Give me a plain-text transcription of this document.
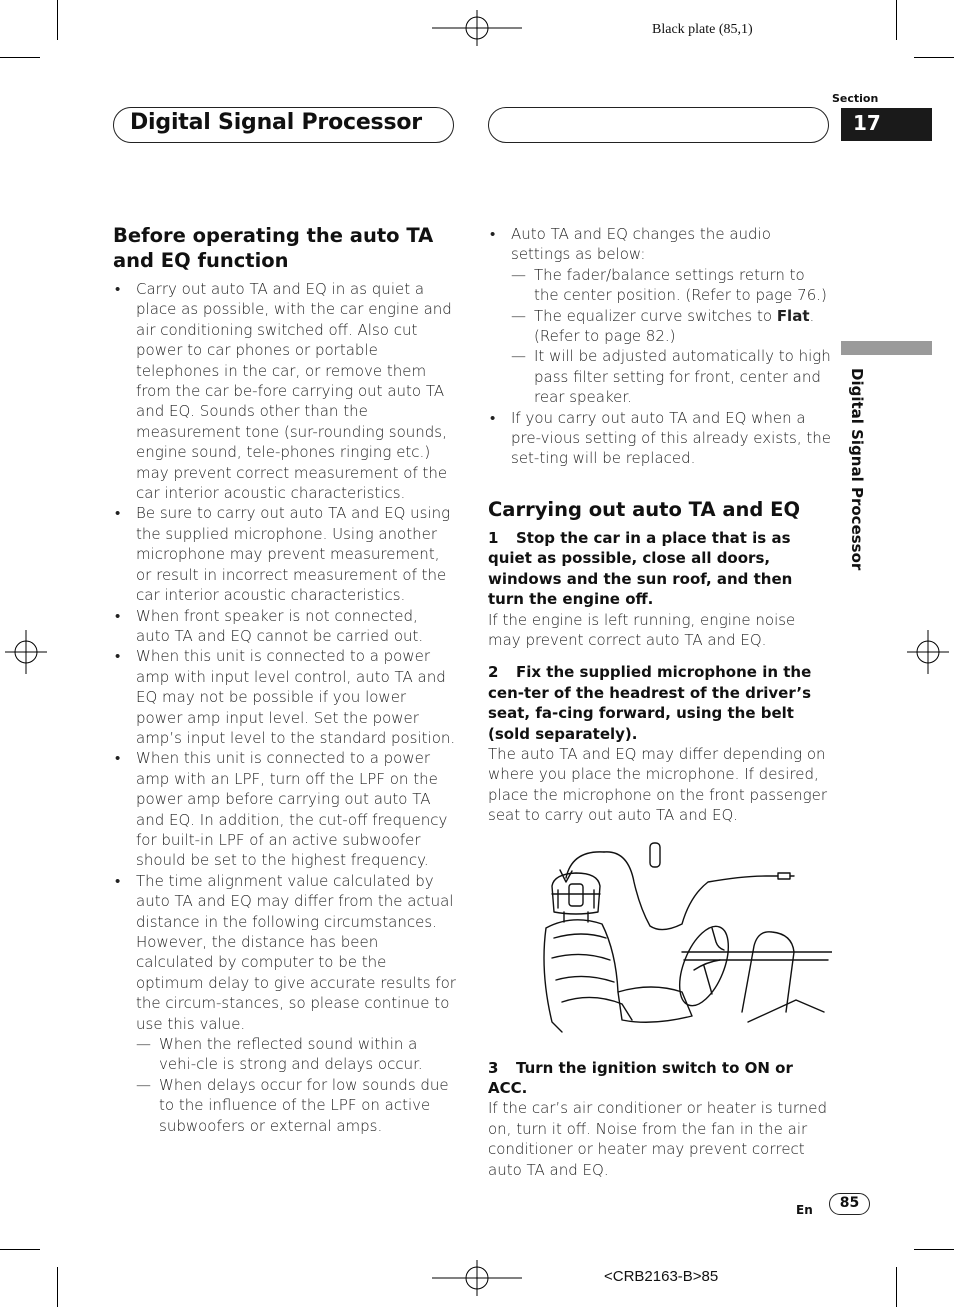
Black plate (85,1)
Digital Signal Processor
Section
17
Digital Signal Processor
Before operating the auto TA and EQ function
• Carry out auto TA and EQ in as quiet a place as possible, with the car engine and air conditioning switched off. Also cut power to car phones or portable telephones in the car, or remove them from the car be-fore carrying out auto TA and EQ. Sounds other than the measurement tone (sur-rounding sounds, engine sound, tele-phones ringing etc.) may prevent correct measurement of the car interior acoustic characteristics.
• Be sure to carry out auto TA and EQ using the supplied microphone. Using another microphone may prevent measurement, or result in incorrect measurement of the car interior acoustic characteristics.
• When front speaker is not connected, auto TA and EQ cannot be carried out.
• When this unit is connected to a power amp with input level control, auto TA and EQ may not be possible if you lower power amp input level. Set the power amp’s input level to the standard position.
• When this unit is connected to a power amp with an LPF, turn off the LPF on the power amp before carrying out auto TA and EQ. In addition, the cut-off frequency for built-in LPF of an active subwoofer should be set to the highest frequency.
• The time alignment value calculated by auto TA and EQ may differ from the actual distance in the following circumstances. However, the distance has been calculated by computer to be the optimum delay to give accurate results for the circum-stances, so please continue to use this value.
— When the reflected sound within a vehi-cle is strong and delays occur.
— When delays occur for low sounds due to the influence of the LPF on active subwoofers or external amps.
• Auto TA and EQ changes the audio settings as below:
— The fader/balance settings return to the center position. (Refer to page 76.)
— The equalizer curve switches to Flat. (Refer to page 82.)
— It will be adjusted automatically to high pass filter setting for front, center and rear speaker.
• If you carry out auto TA and EQ when a pre-vious setting of this already exists, the set-ting will be replaced.
Carrying out auto TA and EQ
1 Stop the car in a place that is as quiet as possible, close all doors, windows and the sun roof, and then turn the engine off.
If the engine is left running, engine noise may prevent correct auto TA and EQ.
2 Fix the supplied microphone in the cen-ter of the headrest of the driver’s seat, fa-cing forward, using the belt (sold separately).
The auto TA and EQ may differ depending on where you place the microphone. If desired, place the microphone on the front passenger seat to carry out auto TA and EQ.
3 Turn the ignition switch to ON or ACC.
If the car’s air conditioner or heater is turned on, turn it off. Noise from the fan in the air conditioner or heater may prevent correct auto TA and EQ.
En	85
<CRB2163-B>85
